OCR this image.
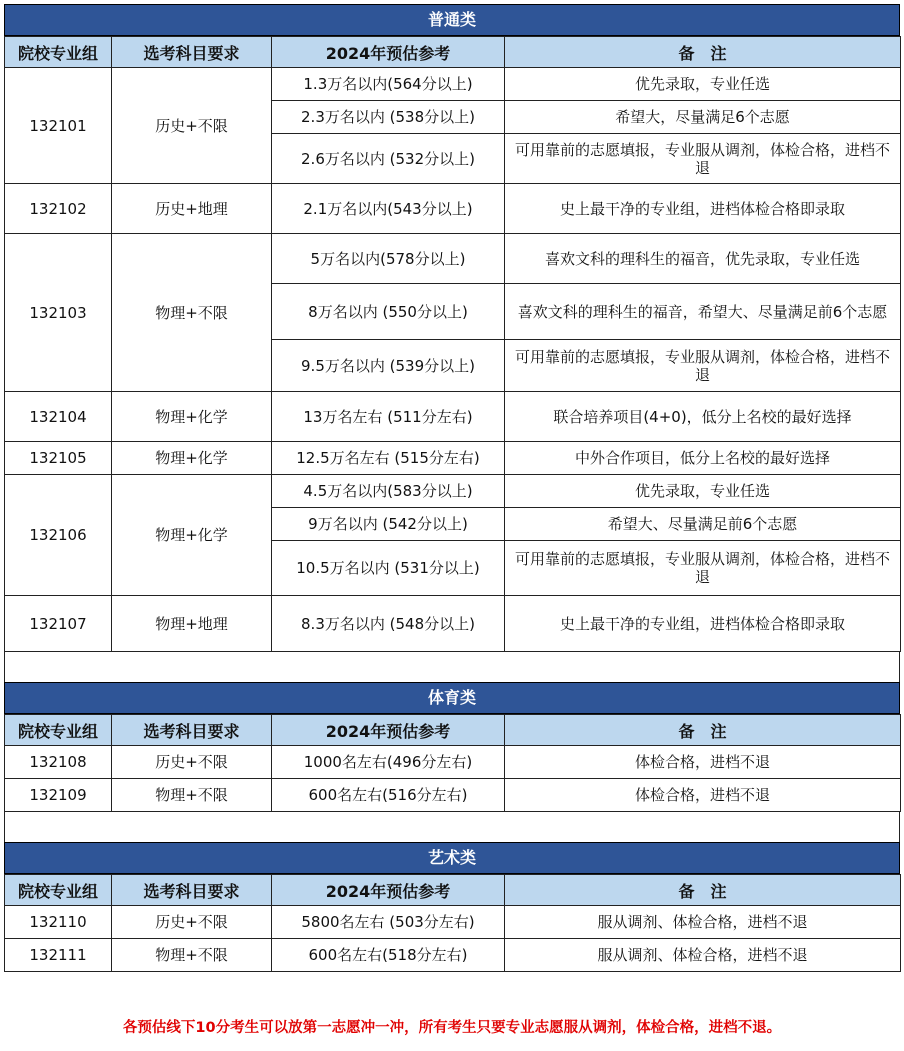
普通类
院校专业组	选考科目要求	2024年预估参考	备　注
132101	历史+不限	1.3万名以内(564分以上)	优先录取，专业任选
		2.3万名以内 (538分以上)	希望大，尽量满足6个志愿
		2.6万名以内 (532分以上)	可用靠前的志愿填报，专业服从调剂，体检合格，进档不退
132102	历史+地理	2.1万名以内(543分以上)	史上最干净的专业组，进档体检合格即录取
132103	物理+不限	5万名以内(578分以上)	喜欢文科的理科生的福音，优先录取，专业任选
		8万名以内 (550分以上)	喜欢文科的理科生的福音，希望大、尽量满足前6个志愿
		9.5万名以内 (539分以上)	可用靠前的志愿填报，专业服从调剂，体检合格，进档不退
132104	物理+化学	13万名左右 (511分左右)	联合培养项目(4+0)，低分上名校的最好选择
132105	物理+化学	12.5万名左右 (515分左右)	中外合作项目，低分上名校的最好选择
132106	物理+化学	4.5万名以内(583分以上)	优先录取，专业任选
		9万名以内 (542分以上)	希望大、尽量满足前6个志愿
		10.5万名以内 (531分以上)	可用靠前的志愿填报，专业服从调剂，体检合格，进档不退
132107	物理+地理	8.3万名以内 (548分以上)	史上最干净的专业组，进档体检合格即录取
体育类
院校专业组	选考科目要求	2024年预估参考	备　注
132108	历史+不限	1000名左右(496分左右)	体检合格，进档不退
132109	物理+不限	600名左右(516分左右)	体检合格，进档不退
艺术类
院校专业组	选考科目要求	2024年预估参考	备　注
132110	历史+不限	5800名左右 (503分左右)	服从调剂、体检合格，进档不退
132111	物理+不限	600名左右(518分左右)	服从调剂、体检合格，进档不退
各预估线下10分考生可以放第一志愿冲一冲，所有考生只要专业志愿服从调剂，体检合格，进档不退。
